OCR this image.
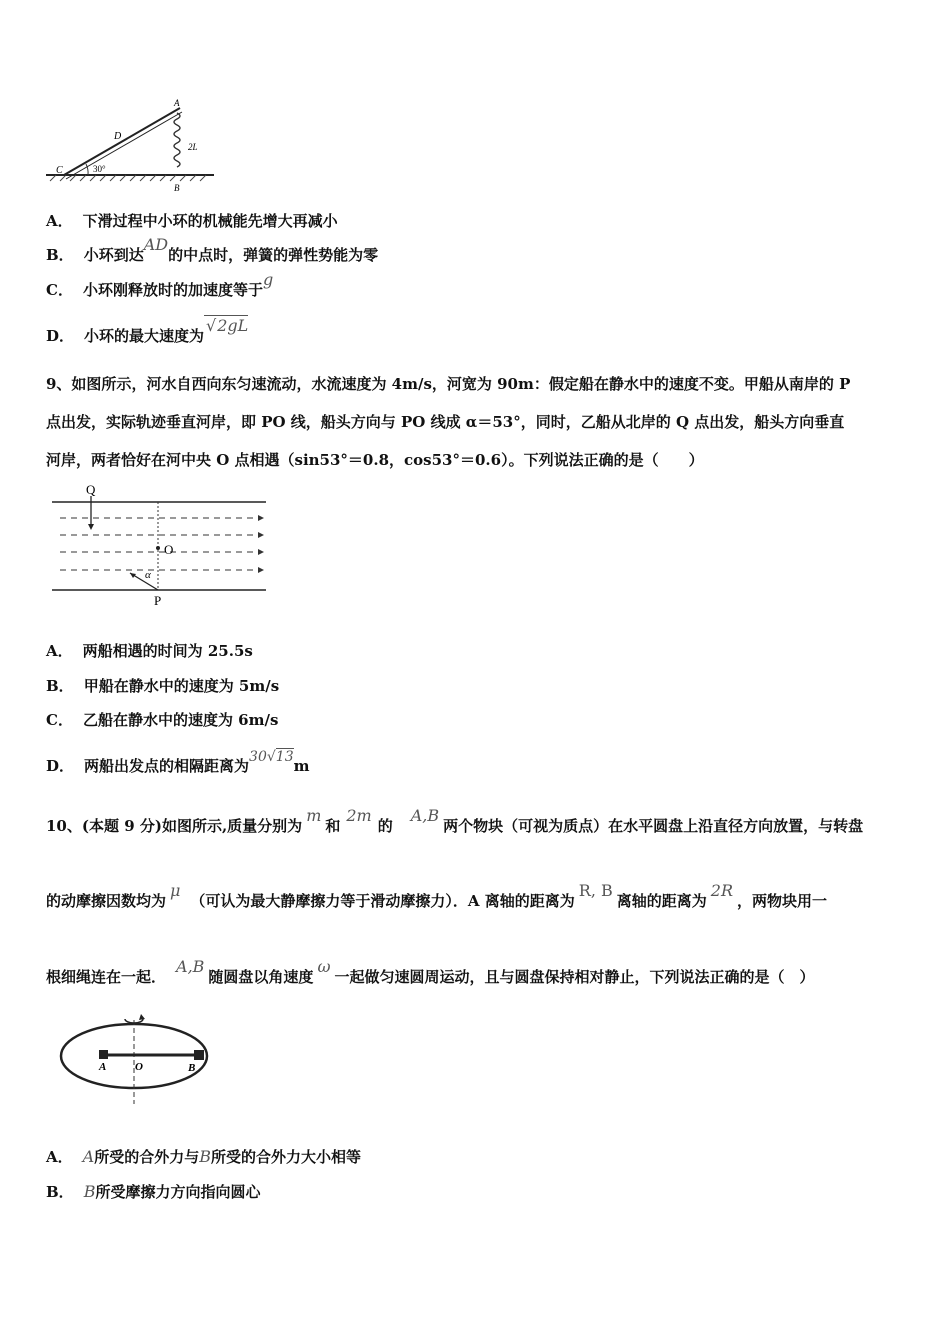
C
A
B
D
2L
30°
A． 下滑过程中小环的机械能先增大再减小
B． 小环到达AD的中点时，弹簧的弹性势能为零
C． 小环刚释放时的加速度等于g
D． 小环的最大速度为√2gL
9、如图所示，河水自西向东匀速流动，水流速度为 4m/s，河宽为 90m：假定船在静水中的速度不变。甲船从南岸的 P
点出发，实际轨迹垂直河岸，即 PO 线，船头方向与 PO 线成 α＝53°，同时，乙船从北岸的 Q 点出发，船头方向垂直
河岸，两者恰好在河中央 O 点相遇（sin53°＝0.8，cos53°＝0.6）。下列说法正确的是（　　）
Q
O
P
α
A． 两船相遇的时间为 25.5s
B． 甲船在静水中的速度为 5m/s
C． 乙船在静水中的速度为 6m/s
D． 两船出发点的相隔距离为30√13m
10、(本题 9 分)如图所示,质量分别为m和2m的A,B两个物块（可视为质点）在水平圆盘上沿直径方向放置，与转盘
的动摩擦因数均为μ（可认为最大静摩擦力等于滑动摩擦力）．A 离轴的距离为R, B离轴的距离为2R，两物块用一
根细绳连在一起．A,B随圆盘以角速度ω一起做匀速圆周运动，且与圆盘保持相对静止，下列说法正确的是（　）
A	O	B
A． A所受的合外力与B所受的合外力大小相等
B． B所受摩擦力方向指向圆心
